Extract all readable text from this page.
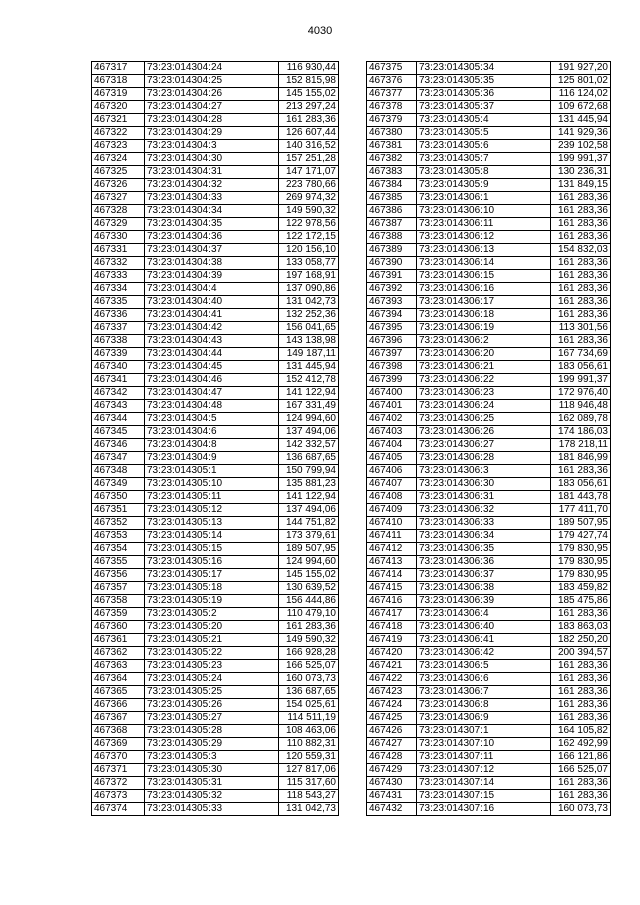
4030
467317	73:23:014304:24	116 930,44
467318	73:23:014304:25	152 815,98
467319	73:23:014304:26	145 155,02
467320	73:23:014304:27	213 297,24
467321	73:23:014304:28	161 283,36
467322	73:23:014304:29	126 607,44
467323	73:23:014304:3	140 316,52
467324	73:23:014304:30	157 251,28
467325	73:23:014304:31	147 171,07
467326	73:23:014304:32	223 780,66
467327	73:23:014304:33	269 974,32
467328	73:23:014304:34	149 590,32
467329	73:23:014304:35	122 978,56
467330	73:23:014304:36	122 172,15
467331	73:23:014304:37	120 156,10
467332	73:23:014304:38	133 058,77
467333	73:23:014304:39	197 168,91
467334	73:23:014304:4	137 090,86
467335	73:23:014304:40	131 042,73
467336	73:23:014304:41	132 252,36
467337	73:23:014304:42	156 041,65
467338	73:23:014304:43	143 138,98
467339	73:23:014304:44	149 187,11
467340	73:23:014304:45	131 445,94
467341	73:23:014304:46	152 412,78
467342	73:23:014304:47	141 122,94
467343	73:23:014304:48	167 331,49
467344	73:23:014304:5	124 994,60
467345	73:23:014304:6	137 494,06
467346	73:23:014304:8	142 332,57
467347	73:23:014304:9	136 687,65
467348	73:23:014305:1	150 799,94
467349	73:23:014305:10	135 881,23
467350	73:23:014305:11	141 122,94
467351	73:23:014305:12	137 494,06
467352	73:23:014305:13	144 751,82
467353	73:23:014305:14	173 379,61
467354	73:23:014305:15	189 507,95
467355	73:23:014305:16	124 994,60
467356	73:23:014305:17	145 155,02
467357	73:23:014305:18	130 639,52
467358	73:23:014305:19	156 444,86
467359	73:23:014305:2	110 479,10
467360	73:23:014305:20	161 283,36
467361	73:23:014305:21	149 590,32
467362	73:23:014305:22	166 928,28
467363	73:23:014305:23	166 525,07
467364	73:23:014305:24	160 073,73
467365	73:23:014305:25	136 687,65
467366	73:23:014305:26	154 025,61
467367	73:23:014305:27	114 511,19
467368	73:23:014305:28	108 463,06
467369	73:23:014305:29	110 882,31
467370	73:23:014305:3	120 559,31
467371	73:23:014305:30	127 817,06
467372	73:23:014305:31	115 317,60
467373	73:23:014305:32	118 543,27
467374	73:23:014305:33	131 042,73
467375	73:23:014305:34	191 927,20
467376	73:23:014305:35	125 801,02
467377	73:23:014305:36	116 124,02
467378	73:23:014305:37	109 672,68
467379	73:23:014305:4	131 445,94
467380	73:23:014305:5	141 929,36
467381	73:23:014305:6	239 102,58
467382	73:23:014305:7	199 991,37
467383	73:23:014305:8	130 236,31
467384	73:23:014305:9	131 849,15
467385	73:23:014306:1	161 283,36
467386	73:23:014306:10	161 283,36
467387	73:23:014306:11	161 283,36
467388	73:23:014306:12	161 283,36
467389	73:23:014306:13	154 832,03
467390	73:23:014306:14	161 283,36
467391	73:23:014306:15	161 283,36
467392	73:23:014306:16	161 283,36
467393	73:23:014306:17	161 283,36
467394	73:23:014306:18	161 283,36
467395	73:23:014306:19	113 301,56
467396	73:23:014306:2	161 283,36
467397	73:23:014306:20	167 734,69
467398	73:23:014306:21	183 056,61
467399	73:23:014306:22	199 991,37
467400	73:23:014306:23	172 976,40
467401	73:23:014306:24	118 946,48
467402	73:23:014306:25	162 089,78
467403	73:23:014306:26	174 186,03
467404	73:23:014306:27	178 218,11
467405	73:23:014306:28	181 846,99
467406	73:23:014306:3	161 283,36
467407	73:23:014306:30	183 056,61
467408	73:23:014306:31	181 443,78
467409	73:23:014306:32	177 411,70
467410	73:23:014306:33	189 507,95
467411	73:23:014306:34	179 427,74
467412	73:23:014306:35	179 830,95
467413	73:23:014306:36	179 830,95
467414	73:23:014306:37	179 830,95
467415	73:23:014306:38	183 459,82
467416	73:23:014306:39	185 475,86
467417	73:23:014306:4	161 283,36
467418	73:23:014306:40	183 863,03
467419	73:23:014306:41	182 250,20
467420	73:23:014306:42	200 394,57
467421	73:23:014306:5	161 283,36
467422	73:23:014306:6	161 283,36
467423	73:23:014306:7	161 283,36
467424	73:23:014306:8	161 283,36
467425	73:23:014306:9	161 283,36
467426	73:23:014307:1	164 105,82
467427	73:23:014307:10	162 492,99
467428	73:23:014307:11	166 121,86
467429	73:23:014307:12	166 525,07
467430	73:23:014307:14	161 283,36
467431	73:23:014307:15	161 283,36
467432	73:23:014307:16	160 073,73
